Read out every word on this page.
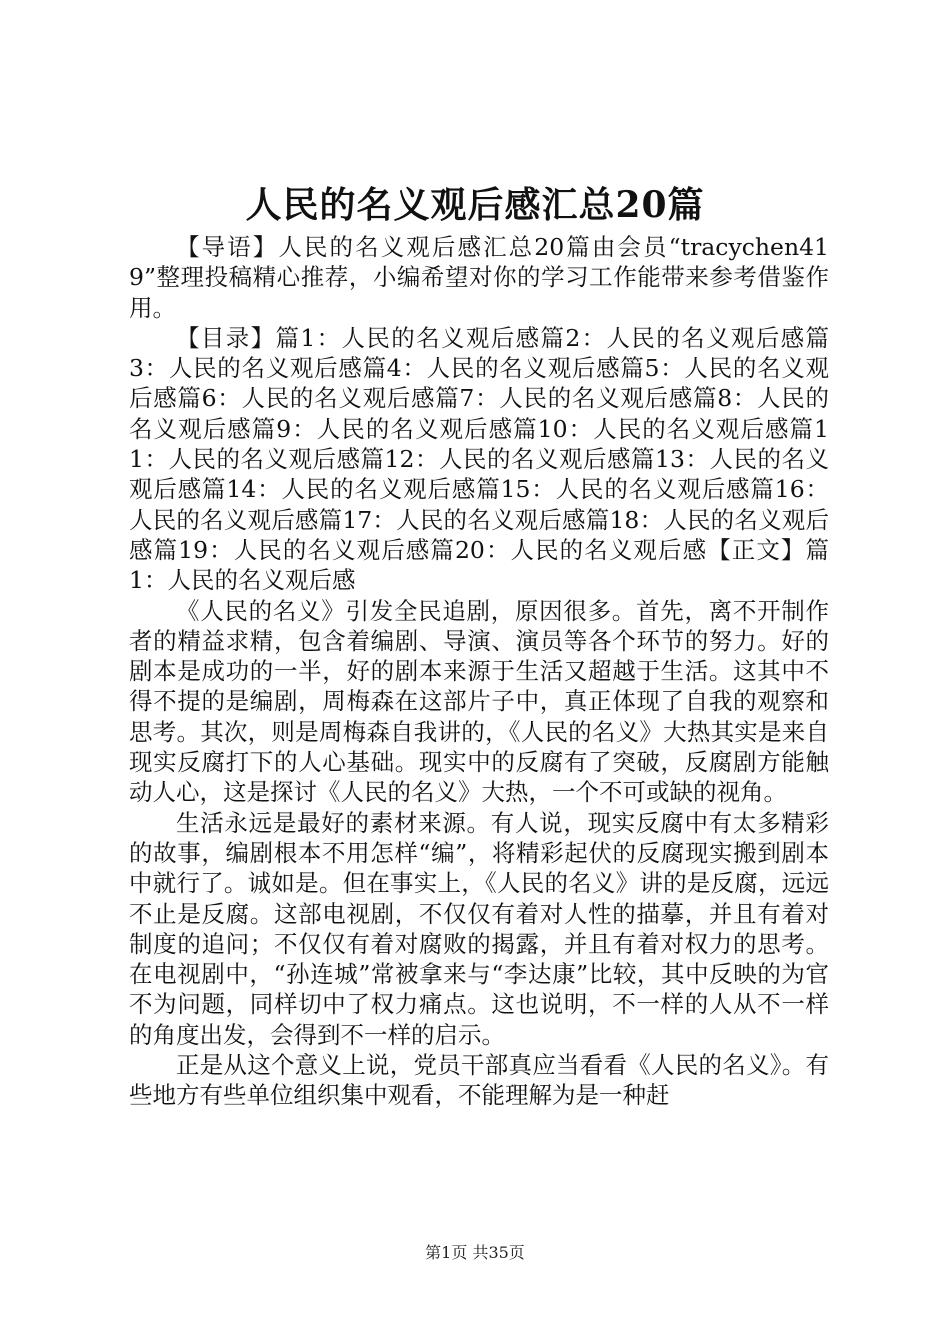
人民的名义观后感汇总20篇

【导语】人民的名义观后感汇总20篇由会员“tracychen419”整理投稿精心推荐，小编希望对你的学习工作能带来参考借鉴作用。

【目录】篇1：人民的名义观后感篇2：人民的名义观后感篇3：人民的名义观后感篇4：人民的名义观后感篇5：人民的名义观后感篇6：人民的名义观后感篇7：人民的名义观后感篇8：人民的名义观后感篇9：人民的名义观后感篇10：人民的名义观后感篇11：人民的名义观后感篇12：人民的名义观后感篇13：人民的名义观后感篇14：人民的名义观后感篇15：人民的名义观后感篇16：人民的名义观后感篇17：人民的名义观后感篇18：人民的名义观后感篇19：人民的名义观后感篇20：人民的名义观后感【正文】篇1：人民的名义观后感

《人民的名义》引发全民追剧，原因很多。首先，离不开制作者的精益求精，包含着编剧、导演、演员等各个环节的努力。好的剧本是成功的一半，好的剧本来源于生活又超越于生活。这其中不得不提的是编剧，周梅森在这部片子中，真正体现了自我的观察和思考。其次，则是周梅森自我讲的，《人民的名义》大热其实是来自现实反腐打下的人心基础。现实中的反腐有了突破，反腐剧方能触动人心，这是探讨《人民的名义》大热，一个不可或缺的视角。

生活永远是最好的素材来源。有人说，现实反腐中有太多精彩的故事，编剧根本不用怎样“编”，将精彩起伏的反腐现实搬到剧本中就行了。诚如是。但在事实上，《人民的名义》讲的是反腐，远远不止是反腐。这部电视剧，不仅仅有着对人性的描摹，并且有着对制度的追问；不仅仅有着对腐败的揭露，并且有着对权力的思考。在电视剧中，“孙连城”常被拿来与“李达康”比较，其中反映的为官不为问题，同样切中了权力痛点。这也说明，不一样的人从不一样的角度出发，会得到不一样的启示。

正是从这个意义上说，党员干部真应当看看《人民的名义》。有些地方有些单位组织集中观看，不能理解为是一种赶

第1页 共35页
